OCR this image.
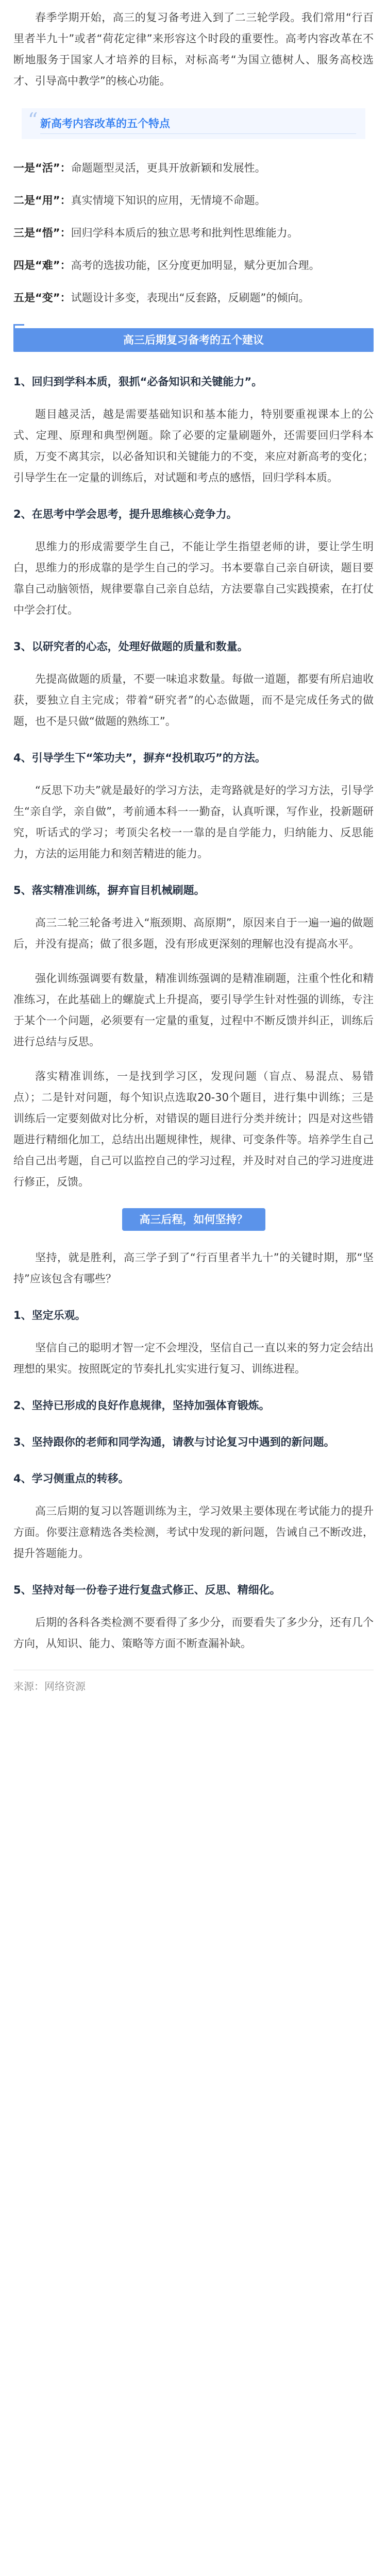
春季学期开始，高三的复习备考进入到了二三轮学段。我们常用“行百里者半九十”或者“荷花定律”来形容这个时段的重要性。高考内容改革在不断地服务于国家人才培养的目标，对标高考“为国立德树人、服务高校选才、引导高中教学”的核心功能。

“ 新高考内容改革的五个特点

一是“活”：命题题型灵活，更具开放新颖和发展性。

二是“用”：真实情境下知识的应用，无情境不命题。

三是“悟”：回归学科本质后的独立思考和批判性思维能力。

四是“难”：高考的选拔功能，区分度更加明显，赋分更加合理。

五是“变”：试题设计多变，表现出“反套路，反刷题”的倾向。

高三后期复习备考的五个建议

1、回归到学科本质，狠抓“必备知识和关键能力”。

题目越灵活，越是需要基础知识和基本能力，特别要重视课本上的公式、定理、原理和典型例题。除了必要的定量刷题外，还需要回归学科本质，万变不离其宗，以必备知识和关键能力的不变，来应对新高考的变化；引导学生在一定量的训练后，对试题和考点的感悟，回归学科本质。

2、在思考中学会思考，提升思维核心竞争力。

思维力的形成需要学生自己，不能让学生指望老师的讲，要让学生明白，思维力的形成靠的是学生自己的学习。书本要靠自己亲自研读，题目要靠自己动脑领悟，规律要靠自己亲自总结，方法要靠自己实践摸索，在打仗中学会打仗。

3、以研究者的心态，处理好做题的质量和数量。

先提高做题的质量，不要一味追求数量。每做一道题，都要有所启迪收获，要独立自主完成；带着“研究者”的心态做题，而不是完成任务式的做题，也不是只做“做题的熟练工”。

4、引导学生下“笨功夫”，摒弃“投机取巧”的方法。

“反思下功夫”就是最好的学习方法，走弯路就是好的学习方法，引导学生“亲自学，亲自做”，考前通本科一一勤奋，认真听课，写作业，投新题研究，听话式的学习；考顶尖名校一一靠的是自学能力，归纳能力、反思能力，方法的运用能力和刻苦精进的能力。

5、落实精准训练，摒弃盲目机械刷题。

高三二轮三轮备考进入“瓶颈期、高原期”，原因来自于一遍一遍的做题后，并没有提高；做了很多题，没有形成更深刻的理解也没有提高水平。

强化训练强调要有数量，精准训练强调的是精准刷题，注重个性化和精准练习，在此基础上的螺旋式上升提高，要引导学生针对性强的训练，专注于某个一个问题，必须要有一定量的重复，过程中不断反馈并纠正，训练后进行总结与反思。

落实精准训练，一是找到学习区，发现问题（盲点、易混点、易错点）；二是针对问题，每个知识点选取20-30个题目，进行集中训练；三是训练后一定要刻做对比分析，对错误的题目进行分类并统计；四是对这些错题进行精细化加工，总结出出题规律性，规律、可变条件等。培养学生自己给自己出考题，自己可以监控自己的学习过程，并及时对自己的学习进度进行修正，反馈。

高三后程，如何坚持？

坚持，就是胜利，高三学子到了“行百里者半九十”的关键时期，那“坚持”应该包含有哪些？

1、坚定乐观。

坚信自己的聪明才智一定不会埋没，坚信自己一直以来的努力定会结出理想的果实。按照既定的节奏扎扎实实进行复习、训练进程。

2、坚持已形成的良好作息规律，坚持加强体育锻炼。

3、坚持跟你的老师和同学沟通，请教与讨论复习中遇到的新问题。

4、学习侧重点的转移。

高三后期的复习以答题训练为主，学习效果主要体现在考试能力的提升方面。你要注意精选各类检测，考试中发现的新问题，告诫自己不断改进，提升答题能力。

5、坚持对每一份卷子进行复盘式修正、反思、精细化。

后期的各科各类检测不要看得了多少分，而要看失了多少分，还有几个方向，从知识、能力、策略等方面不断查漏补缺。

来源：网络资源
